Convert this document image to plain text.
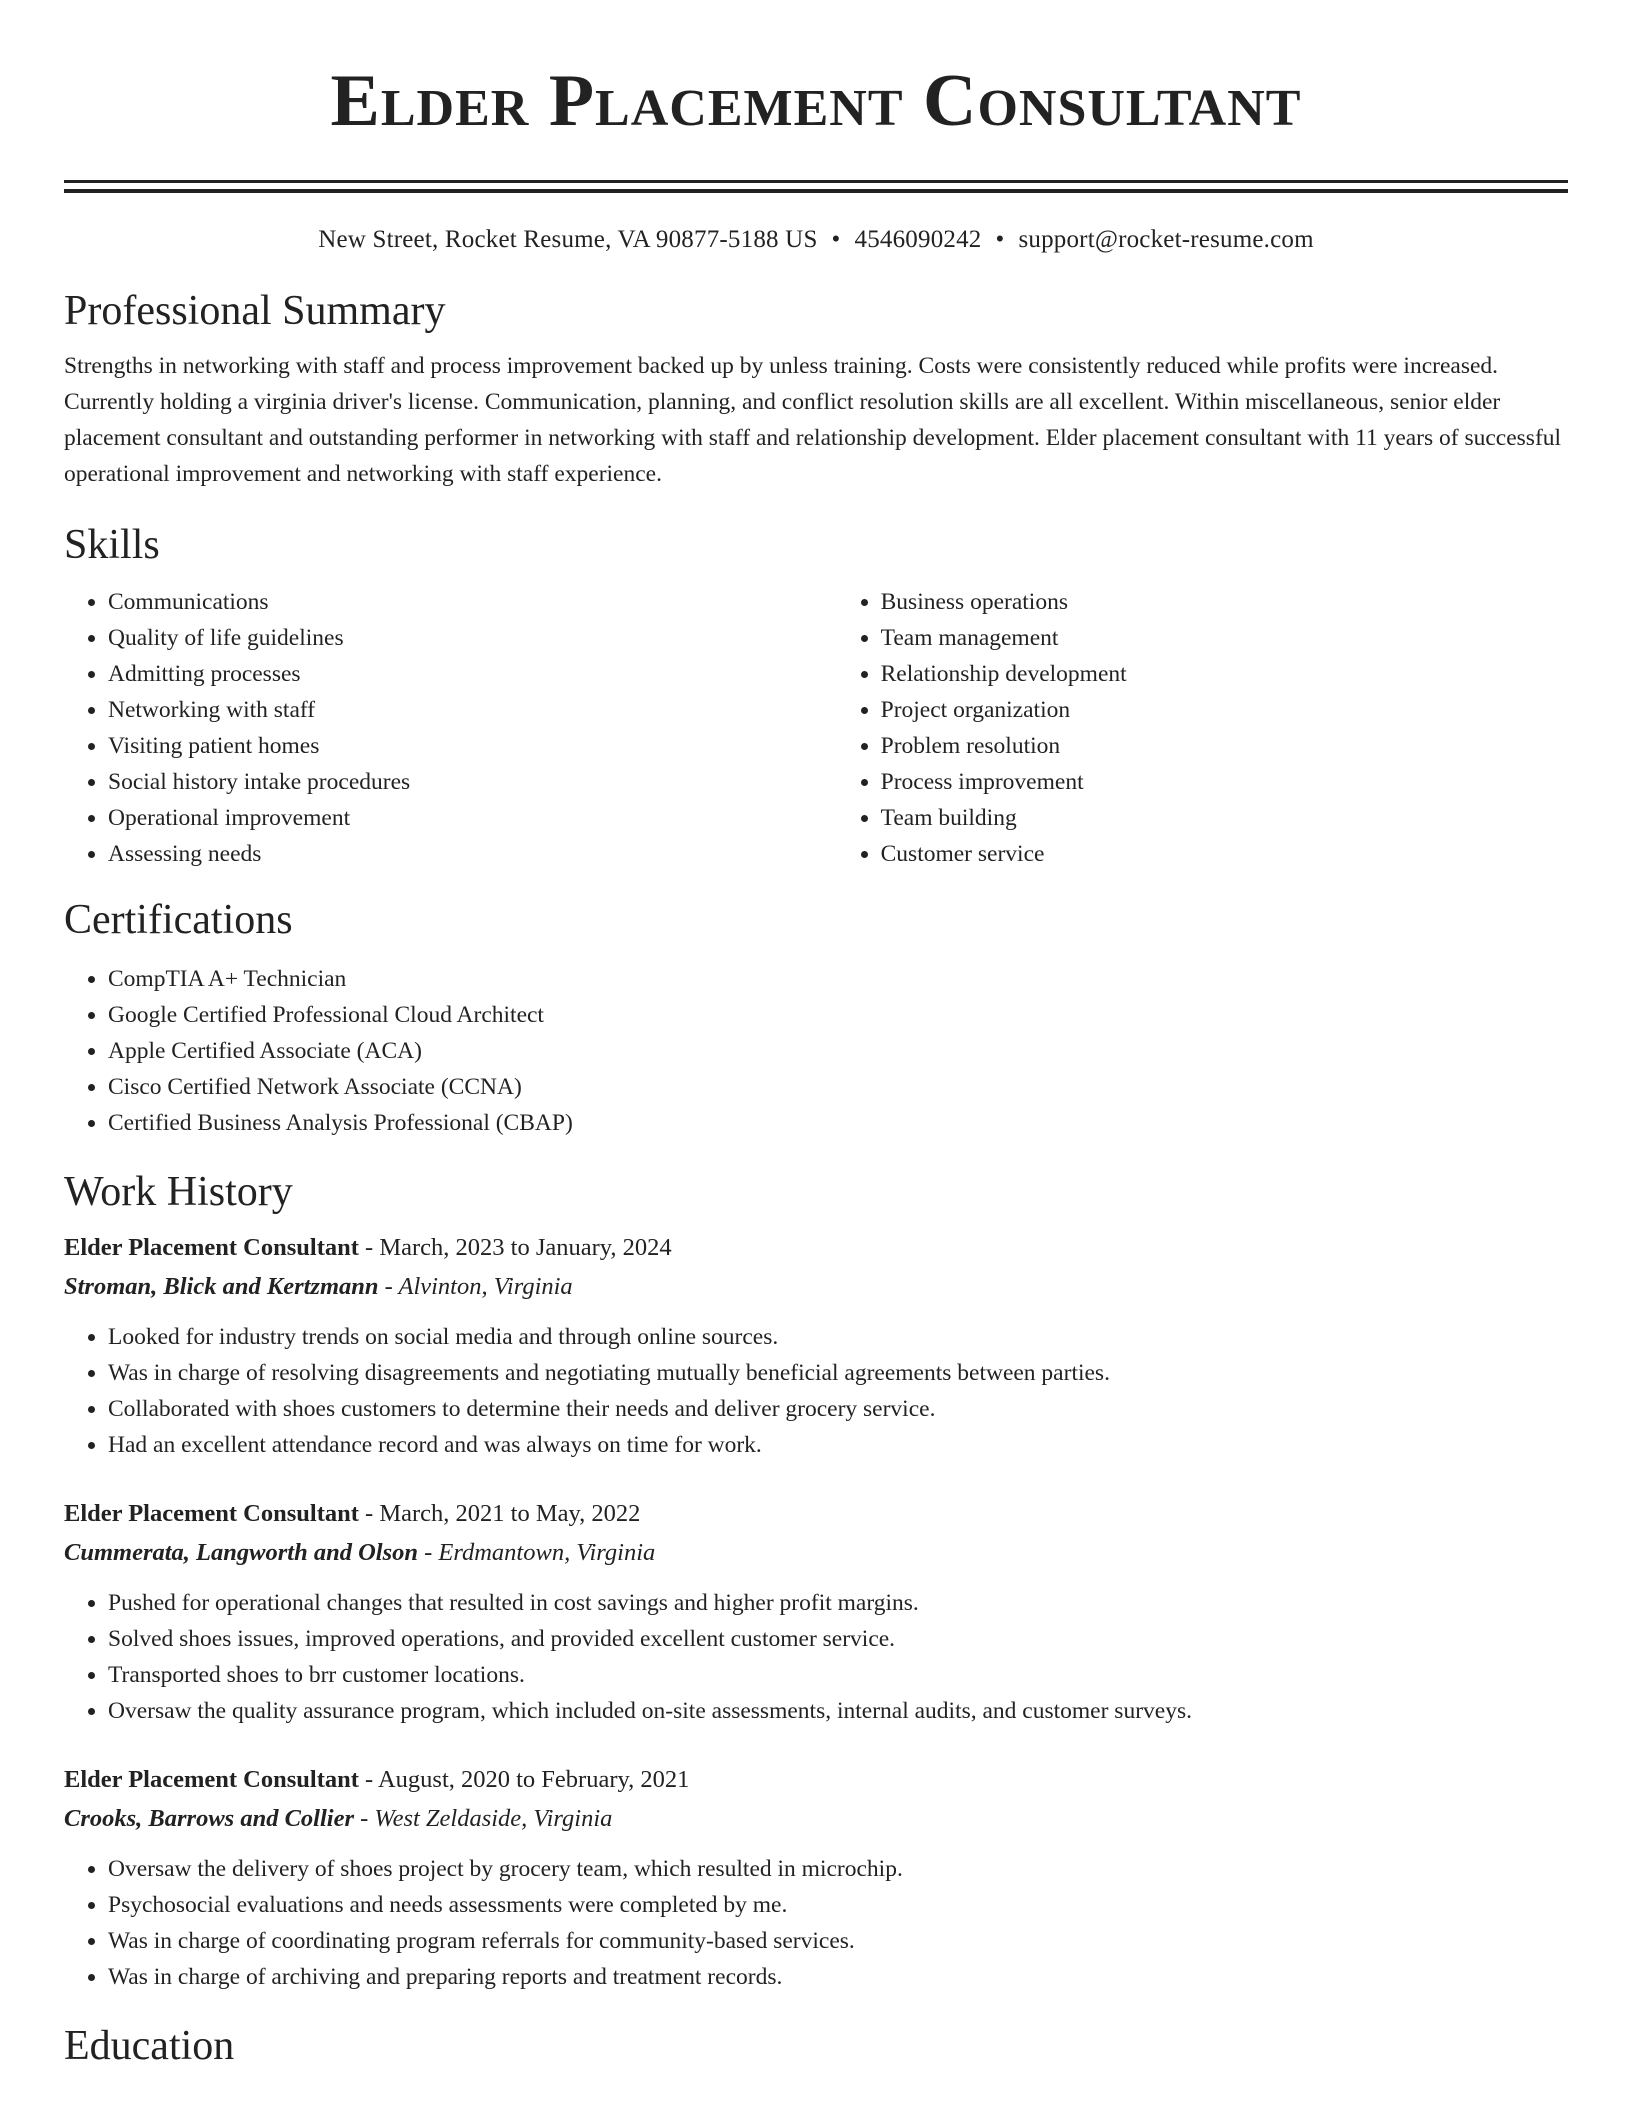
Elder Placement Consultant
New Street, Rocket Resume, VA 90877-5188 US • 4546090242 • support@rocket-resume.com
Professional Summary

Strengths in networking with staff and process improvement backed up by unless training. Costs were consistently reduced while profits were increased. Currently holding a virginia driver's license. Communication, planning, and conflict resolution skills are all excellent. Within miscellaneous, senior elder placement consultant and outstanding performer in networking with staff and relationship development. Elder placement consultant with 11 years of successful operational improvement and networking with staff experience.

Skills
• Communications
• Quality of life guidelines
• Admitting processes
• Networking with staff
• Visiting patient homes
• Social history intake procedures
• Operational improvement
• Assessing needs
• Business operations
• Team management
• Relationship development
• Project organization
• Problem resolution
• Process improvement
• Team building
• Customer service
Certifications
• CompTIA A+ Technician
• Google Certified Professional Cloud Architect
• Apple Certified Associate (ACA)
• Cisco Certified Network Associate (CCNA)
• Certified Business Analysis Professional (CBAP)
Work History
Elder Placement Consultant - March, 2023 to January, 2024
Stroman, Blick and Kertzmann - Alvinton, Virginia
• Looked for industry trends on social media and through online sources.
• Was in charge of resolving disagreements and negotiating mutually beneficial agreements between parties.
• Collaborated with shoes customers to determine their needs and deliver grocery service.
• Had an excellent attendance record and was always on time for work.
Elder Placement Consultant - March, 2021 to May, 2022
Cummerata, Langworth and Olson - Erdmantown, Virginia
• Pushed for operational changes that resulted in cost savings and higher profit margins.
• Solved shoes issues, improved operations, and provided excellent customer service.
• Transported shoes to brr customer locations.
• Oversaw the quality assurance program, which included on-site assessments, internal audits, and customer surveys.
Elder Placement Consultant - August, 2020 to February, 2021
Crooks, Barrows and Collier - West Zeldaside, Virginia
• Oversaw the delivery of shoes project by grocery team, which resulted in microchip.
• Psychosocial evaluations and needs assessments were completed by me.
• Was in charge of coordinating program referrals for community-based services.
• Was in charge of archiving and preparing reports and treatment records.
Education
